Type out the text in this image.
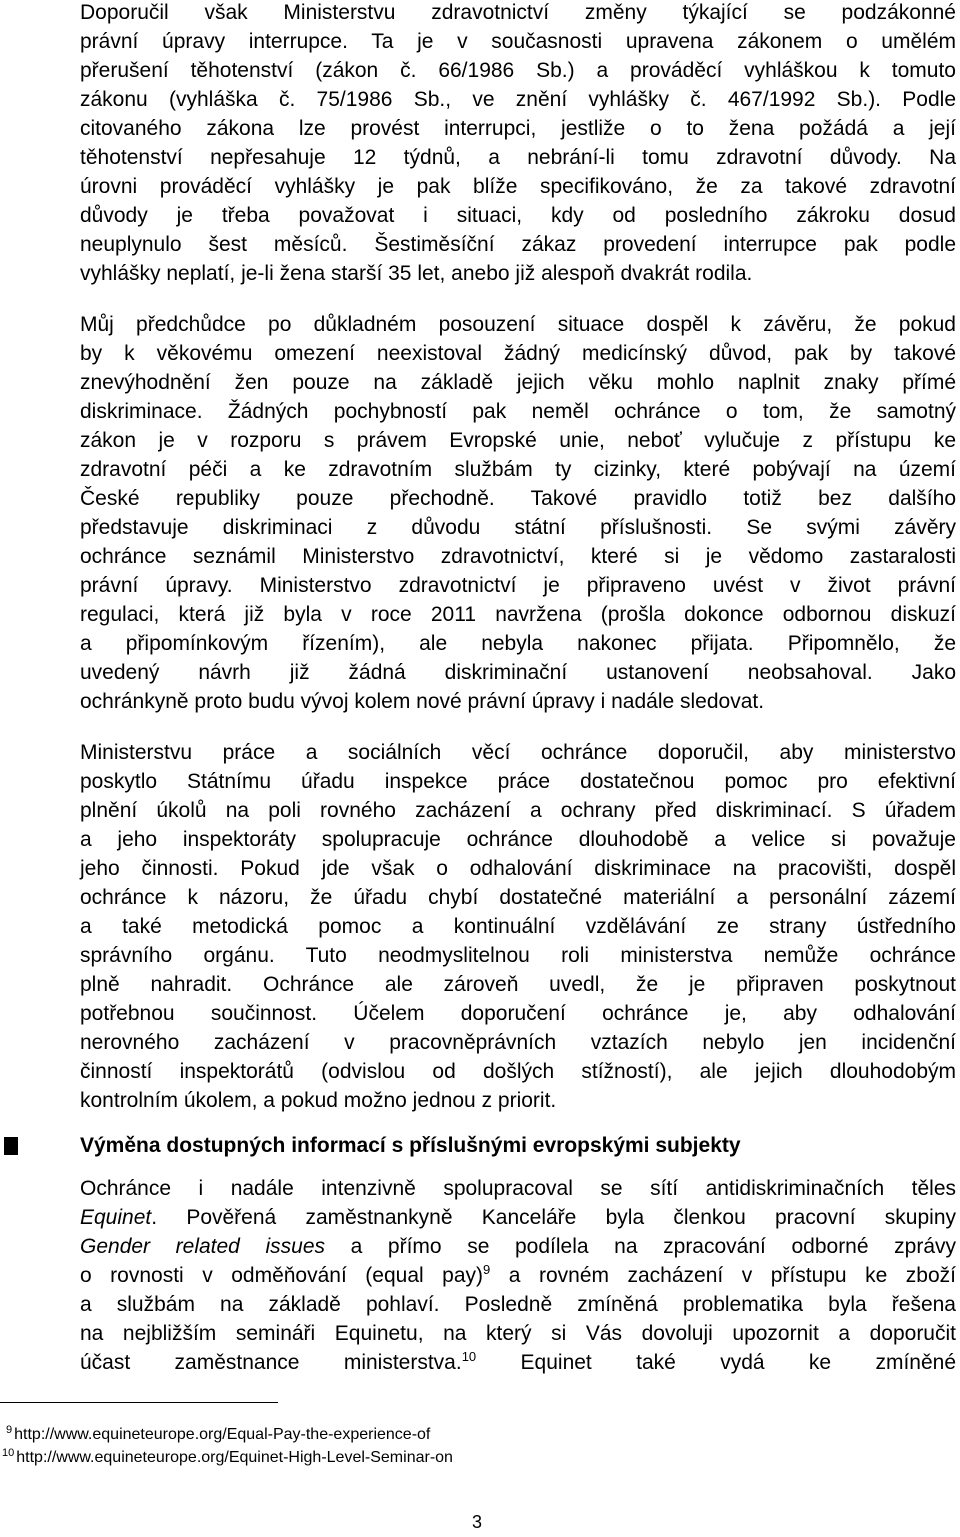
Doporučil však Ministerstvu zdravotnictví změny týkající se podzákonné
právní úpravy interrupce. Ta je v současnosti upravena zákonem o umělém
přerušení těhotenství (zákon č. 66/1986 Sb.) a prováděcí vyhláškou k tomuto
zákonu (vyhláška č. 75/1986 Sb., ve znění vyhlášky č. 467/1992 Sb.). Podle
citovaného zákona lze provést interrupci, jestliže o to žena požádá a její
těhotenství nepřesahuje 12 týdnů, a nebrání-li tomu zdravotní důvody. Na
úrovni prováděcí vyhlášky je pak blíže specifikováno, že za takové zdravotní
důvody je třeba považovat i situaci, kdy od posledního zákroku dosud
neuplynulo šest měsíců. Šestiměsíční zákaz provedení interrupce pak podle
vyhlášky neplatí, je-li žena starší 35 let, anebo již alespoň dvakrát rodila.
Můj předchůdce po důkladném posouzení situace dospěl k závěru, že pokud
by k věkovému omezení neexistoval žádný medicínský důvod, pak by takové
znevýhodnění žen pouze na základě jejich věku mohlo naplnit znaky přímé
diskriminace. Žádných pochybností pak neměl ochránce o tom, že samotný
zákon je v rozporu s právem Evropské unie, neboť vylučuje z přístupu ke
zdravotní péči a ke zdravotním službám ty cizinky, které pobývají na území
České republiky pouze přechodně. Takové pravidlo totiž bez dalšího
představuje diskriminaci z důvodu státní příslušnosti. Se svými závěry
ochránce seznámil Ministerstvo zdravotnictví, které si je vědomo zastaralosti
právní úpravy. Ministerstvo zdravotnictví je připraveno uvést v život právní
regulaci, která již byla v roce 2011 navržena (prošla dokonce odbornou diskuzí
a připomínkovým řízením), ale nebyla nakonec přijata. Připomnělo, že
uvedený návrh již žádná diskriminační ustanovení neobsahoval. Jako
ochránkyně proto budu vývoj kolem nové právní úpravy i nadále sledovat.
Ministerstvu práce a sociálních věcí ochránce doporučil, aby ministerstvo
poskytlo Státnímu úřadu inspekce práce dostatečnou pomoc pro efektivní
plnění úkolů na poli rovného zacházení a ochrany před diskriminací. S úřadem
a jeho inspektoráty spolupracuje ochránce dlouhodobě a velice si považuje
jeho činnosti. Pokud jde však o odhalování diskriminace na pracovišti, dospěl
ochránce k názoru, že úřadu chybí dostatečné materiální a personální zázemí
a také metodická pomoc a kontinuální vzdělávání ze strany ústředního
správního orgánu. Tuto neodmyslitelnou roli ministerstva nemůže ochránce
plně nahradit. Ochránce ale zároveň uvedl, že je připraven poskytnout
potřebnou součinnost. Účelem doporučení ochránce je, aby odhalování
nerovného zacházení v pracovněprávních vztazích nebylo jen incidenční
činností inspektorátů (odvislou od došlých stížností), ale jejich dlouhodobým
kontrolním úkolem, a pokud možno jednou z priorit.
Výměna dostupných informací s příslušnými evropskými subjekty
Ochránce i nadále intenzivně spolupracoval se sítí antidiskriminačních těles
Equinet. Pověřená zaměstnankyně Kanceláře byla členkou pracovní skupiny
Gender related issues a přímo se podílela na zpracování odborné zprávy
o rovnosti v odměňování (equal pay)$^9$ a rovném zacházení v přístupu ke zboží
a službám na základě pohlaví. Posledně zmíněná problematika byla řešena
na nejbližším semináři Equinetu, na který si Vás dovoluji upozornit a doporučit
účast zaměstnance ministerstva.$^{10}$ Equinet také vydá ke zmíněné
$^9$ http://www.equineteurope.org/Equal-Pay-the-experience-of
$^{10}$ http://www.equineteurope.org/Equinet-High-Level-Seminar-on
3
